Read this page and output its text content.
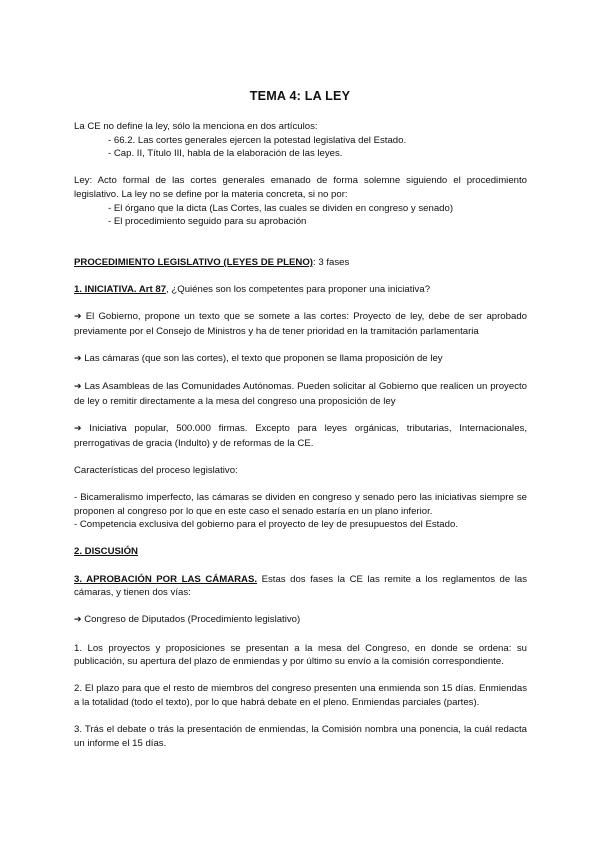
TEMA 4: LA LEY

La CE no define la ley, sólo la menciona en dos artículos:

- 66.2. Las cortes generales ejercen la potestad legislativa del Estado.

- Cap. II, Título III, habla de la elaboración de las leyes.

Ley: Acto formal de las cortes generales emanado de forma solemne siguiendo el procedimiento legislativo. La ley no se define por la materia concreta, si no por:

- El órgano que la dicta (Las Cortes, las cuales se dividen en congreso y senado)

- El procedimiento seguido para su aprobación

PROCEDIMIENTO LEGISLATIVO (LEYES DE PLENO): 3 fases

1. INICIATIVA. Art 87, ¿Quiénes son los competentes para proponer una iniciativa?

➔ El Gobierno, propone un texto que se somete a las cortes: Proyecto de ley, debe de ser aprobado previamente por el Consejo de Ministros y ha de tener prioridad en la tramitación parlamentaria

➔ Las cámaras (que son las cortes), el texto que proponen se llama proposición de ley

➔ Las Asambleas de las Comunidades Autónomas. Pueden solicitar al Gobierno que realicen un proyecto de ley o remitir directamente a la mesa del congreso una proposición de ley

➔ Iniciativa popular, 500.000 firmas. Excepto para leyes orgánicas, tributarias, Internacionales, prerrogativas de gracia (Indulto) y de reformas de la CE.

Características del proceso legislativo:

- Bicameralismo imperfecto, las cámaras se dividen en congreso y senado pero las iniciativas siempre se proponen al congreso por lo que en este caso el senado estaría en un plano inferior.

- Competencia exclusiva del gobierno para el proyecto de ley de presupuestos del Estado.

2. DISCUSIÓN

3. APROBACIÓN POR LAS CÁMARAS. Estas dos fases la CE las remite a los reglamentos de las cámaras, y tienen dos vías:

➔ Congreso de Diputados (Procedimiento legislativo)

1. Los proyectos y proposiciones se presentan a la mesa del Congreso, en donde se ordena: su publicación, su apertura del plazo de enmiendas y por último su envío a la comisión correspondiente.

2. El plazo para que el resto de miembros del congreso presenten una enmienda son 15 días. Enmiendas a la totalidad (todo el texto), por lo que habrá debate en el pleno. Enmiendas parciales (partes).

3. Trás el debate o trás la presentación de enmiendas, la Comisión nombra una ponencia, la cuál redacta un informe el 15 días.
